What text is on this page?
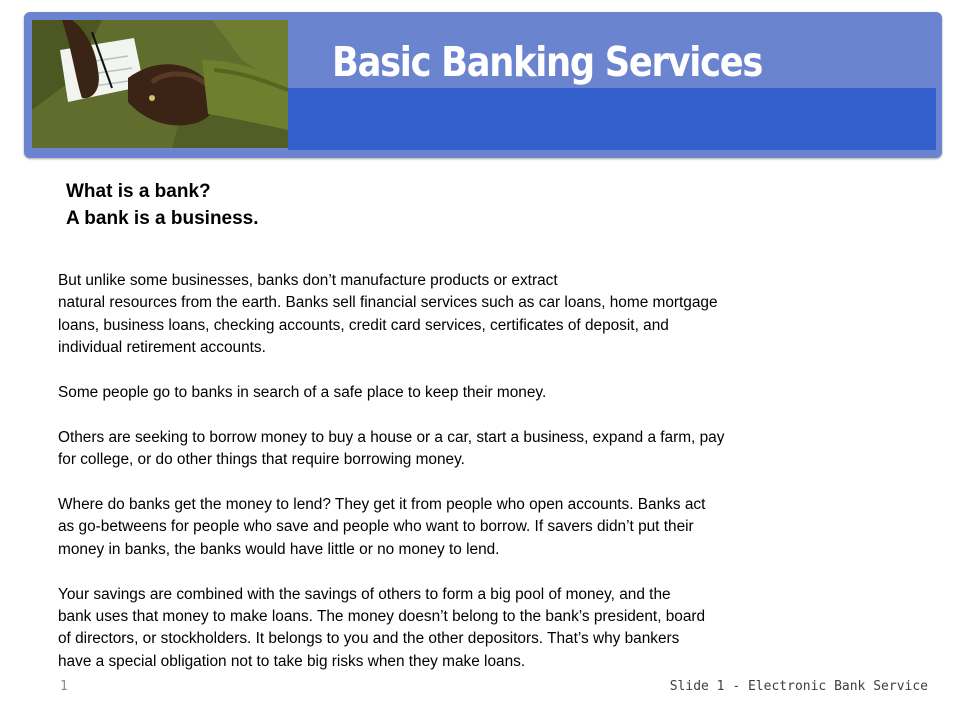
Basic Banking Services
What is a bank?
A bank is a business.

But unlike some businesses, banks don’t manufacture products or extract
natural resources from the earth. Banks sell financial services such as car loans, home mortgage
loans, business loans, checking accounts, credit card services, certificates of deposit, and
individual retirement accounts.

Some people go to banks in search of a safe place to keep their money.

Others are seeking to borrow money to buy a house or a car, start a business, expand a farm, pay
for college, or do other things that require borrowing money.

Where do banks get the money to lend? They get it from people who open accounts. Banks act
as go-betweens for people who save and people who want to borrow. If savers didn’t put their
money in banks, the banks would have little or no money to lend.

Your savings are combined with the savings of others to form a big pool of money, and the
bank uses that money to make loans. The money doesn’t belong to the bank’s president, board
of directors, or stockholders. It belongs to you and the other depositors. That’s why bankers
have a special obligation not to take big risks when they make loans.

1	Slide 1 - Electronic Bank Service
